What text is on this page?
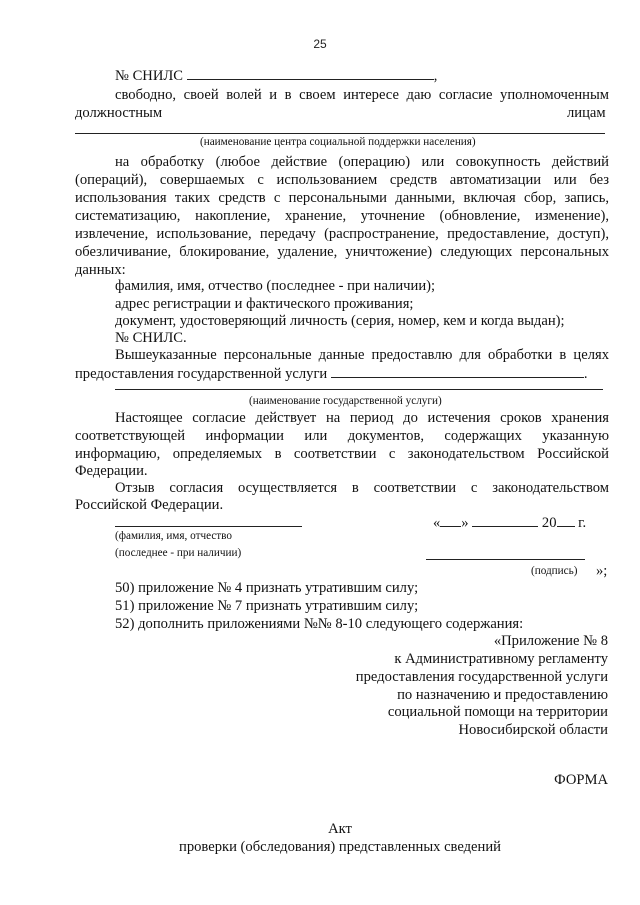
25
№ СНИЛС	,
свободно, своей волей и в своем интересе даю согласие уполномоченным
должностным	лицам
(наименование центра социальной поддержки населения)
на обработку (любое действие (операцию) или совокупность действий
(операций), совершаемых с использованием средств автоматизации или без
использования таких средств с персональными данными, включая сбор, запись,
систематизацию, накопление, хранение, уточнение (обновление, изменение),
извлечение, использование, передачу (распространение, предоставление, доступ),
обезличивание, блокирование, удаление, уничтожение) следующих персональных
данных:
фамилия, имя, отчество (последнее - при наличии);
адрес регистрации и фактического проживания;
документ, удостоверяющий личность (серия, номер, кем и когда выдан);
№ СНИЛС.
Вышеуказанные персональные данные предоставлю для обработки в целях
предоставления государственной услуги	.
(наименование государственной услуги)
Настоящее согласие действует на период до истечения сроков хранения
соответствующей информации или документов, содержащих указанную
информацию, определяемых в соответствии с законодательством Российской
Федерации.
Отзыв согласия осуществляется в соответствии с законодательством
Российской Федерации.
« »	20 г.
(фамилия, имя, отчество
(последнее - при наличии)
(подпись) »;
50) приложение № 4 признать утратившим силу;
51) приложение № 7 признать утратившим силу;
52) дополнить приложениями №№ 8-10 следующего содержания:
«Приложение № 8
к Административному регламенту
предоставления государственной услуги
по назначению и предоставлению
социальной помощи на территории
Новосибирской области
ФОРМА
Акт
проверки (обследования) представленных сведений
